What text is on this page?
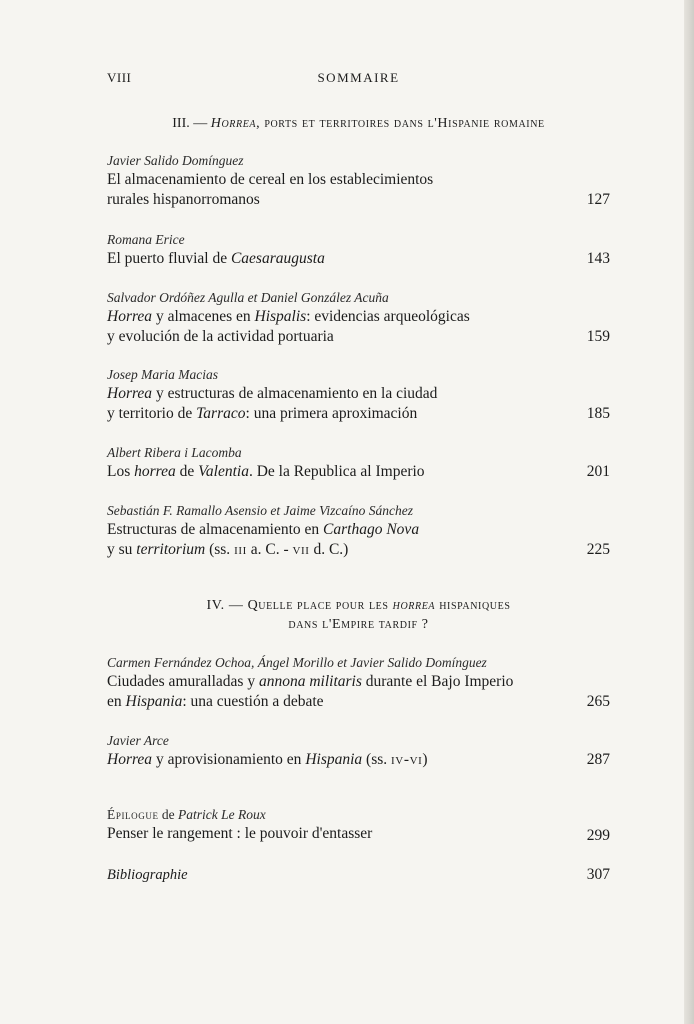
VIII	SOMMAIRE
III. — Horrea, ports et territoires dans l'Hispanie romaine
Javier Salido Domínguez
El almacenamiento de cereal en los establecimientos
rurales hispanorromanos	127
Romana Erice
El puerto fluvial de Caesaraugusta	143
Salvador Ordóñez Agulla et Daniel González Acuña
Horrea y almacenes en Hispalis: evidencias arqueológicas
y evolución de la actividad portuaria	159
Josep Maria Macias
Horrea y estructuras de almacenamiento en la ciudad
y territorio de Tarraco: una primera aproximación	185
Albert Ribera i Lacomba
Los horrea de Valentia. De la Republica al Imperio	201
Sebastián F. Ramallo Asensio et Jaime Vizcaíno Sánchez
Estructuras de almacenamiento en Carthago Nova
y su territorium (ss. iii a. C. - vii d. C.)	225
IV. — Quelle place pour les horrea hispaniques
dans l'Empire tardif ?
Carmen Fernández Ochoa, Ángel Morillo et Javier Salido Domínguez
Ciudades amuralladas y annona militaris durante el Bajo Imperio
en Hispania: una cuestión a debate	265
Javier Arce
Horrea y aprovisionamiento en Hispania (ss. iv-vi)	287
Épilogue de Patrick Le Roux
Penser le rangement : le pouvoir d'entasser	299
Bibliographie	307
